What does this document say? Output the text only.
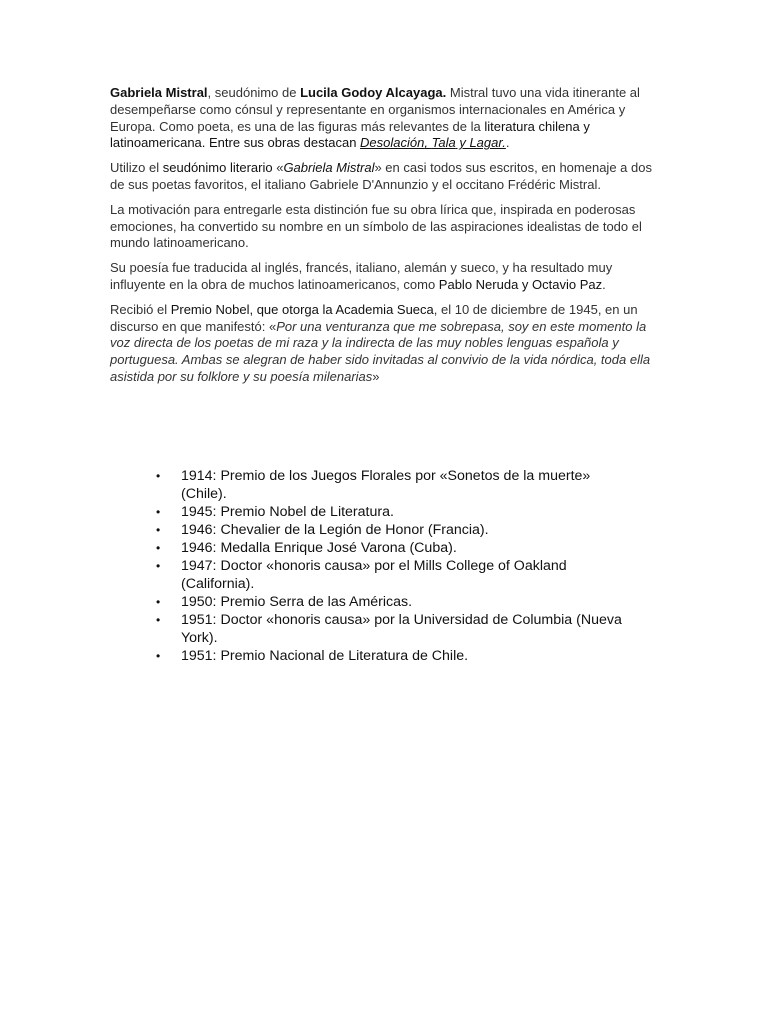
Gabriela Mistral, seudónimo de Lucila Godoy Alcayaga. Mistral tuvo una vida itinerante al desempeñarse como cónsul y representante en organismos internacionales en América y Europa. Como poeta, es una de las figuras más relevantes de la literatura chilena y latinoamericana. Entre sus obras destacan Desolación, Tala y Lagar..

Utilizo el seudónimo literario «Gabriela Mistral» en casi todos sus escritos, en homenaje a dos de sus poetas favoritos, el italiano Gabriele D'Annunzio y el occitano Frédéric Mistral.

La motivación para entregarle esta distinción fue su obra lírica que, inspirada en poderosas emociones, ha convertido su nombre en un símbolo de las aspiraciones idealistas de todo el mundo latinoamericano.

Su poesía fue traducida al inglés, francés, italiano, alemán y sueco, y ha resultado muy influyente en la obra de muchos latinoamericanos, como Pablo Neruda y Octavio Paz.

Recibió el Premio Nobel, que otorga la Academia Sueca, el 10 de diciembre de 1945, en un discurso en que manifestó: «Por una venturanza que me sobrepasa, soy en este momento la voz directa de los poetas de mi raza y la indirecta de las muy nobles lenguas española y portuguesa. Ambas se alegran de haber sido invitadas al convivio de la vida nórdica, toda ella asistida por su folklore y su poesía milenarias»

• 1914: Premio de los Juegos Florales por «Sonetos de la muerte» (Chile).
• 1945: Premio Nobel de Literatura.
• 1946: Chevalier de la Legión de Honor (Francia).
• 1946: Medalla Enrique José Varona (Cuba).
• 1947: Doctor «honoris causa» por el Mills College of Oakland (California).
• 1950: Premio Serra de las Américas.
• 1951: Doctor «honoris causa» por la Universidad de Columbia (Nueva York).
• 1951: Premio Nacional de Literatura de Chile.
